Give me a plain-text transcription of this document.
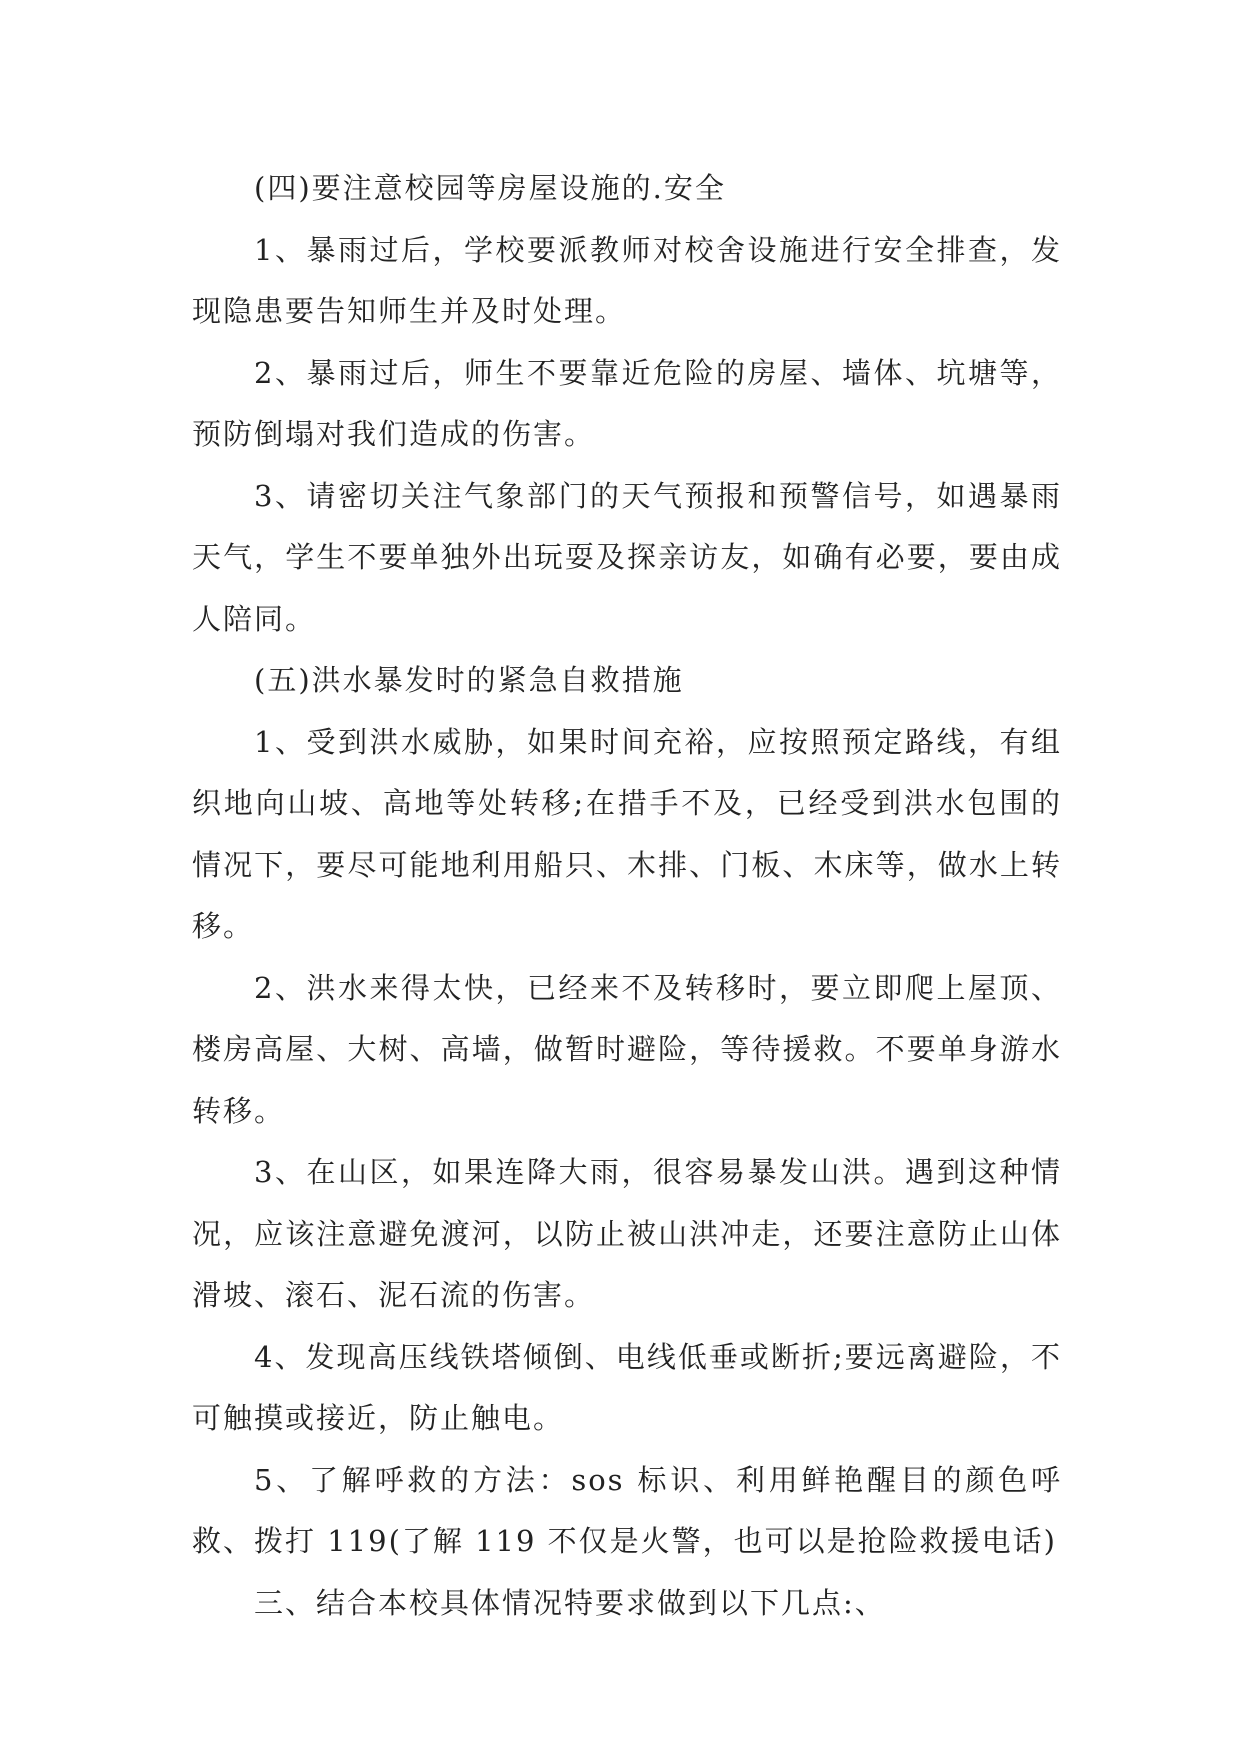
(四)要注意校园等房屋设施的.安全

1、暴雨过后，学校要派教师对校舍设施进行安全排查，发现隐患要告知师生并及时处理。

2、暴雨过后，师生不要靠近危险的房屋、墙体、坑塘等，预防倒塌对我们造成的伤害。

3、请密切关注气象部门的天气预报和预警信号，如遇暴雨天气，学生不要单独外出玩耍及探亲访友，如确有必要，要由成人陪同。

(五)洪水暴发时的紧急自救措施

1、受到洪水威胁，如果时间充裕，应按照预定路线，有组织地向山坡、高地等处转移;在措手不及，已经受到洪水包围的情况下，要尽可能地利用船只、木排、门板、木床等，做水上转移。

2、洪水来得太快，已经来不及转移时，要立即爬上屋顶、楼房高屋、大树、高墙，做暂时避险，等待援救。不要单身游水转移。

3、在山区，如果连降大雨，很容易暴发山洪。遇到这种情况，应该注意避免渡河，以防止被山洪冲走，还要注意防止山体滑坡、滚石、泥石流的伤害。

4、发现高压线铁塔倾倒、电线低垂或断折;要远离避险，不可触摸或接近，防止触电。

5、了解呼救的方法：sos 标识、利用鲜艳醒目的颜色呼救、拨打 119(了解 119 不仅是火警，也可以是抢险救援电话)

三、结合本校具体情况特要求做到以下几点:、
